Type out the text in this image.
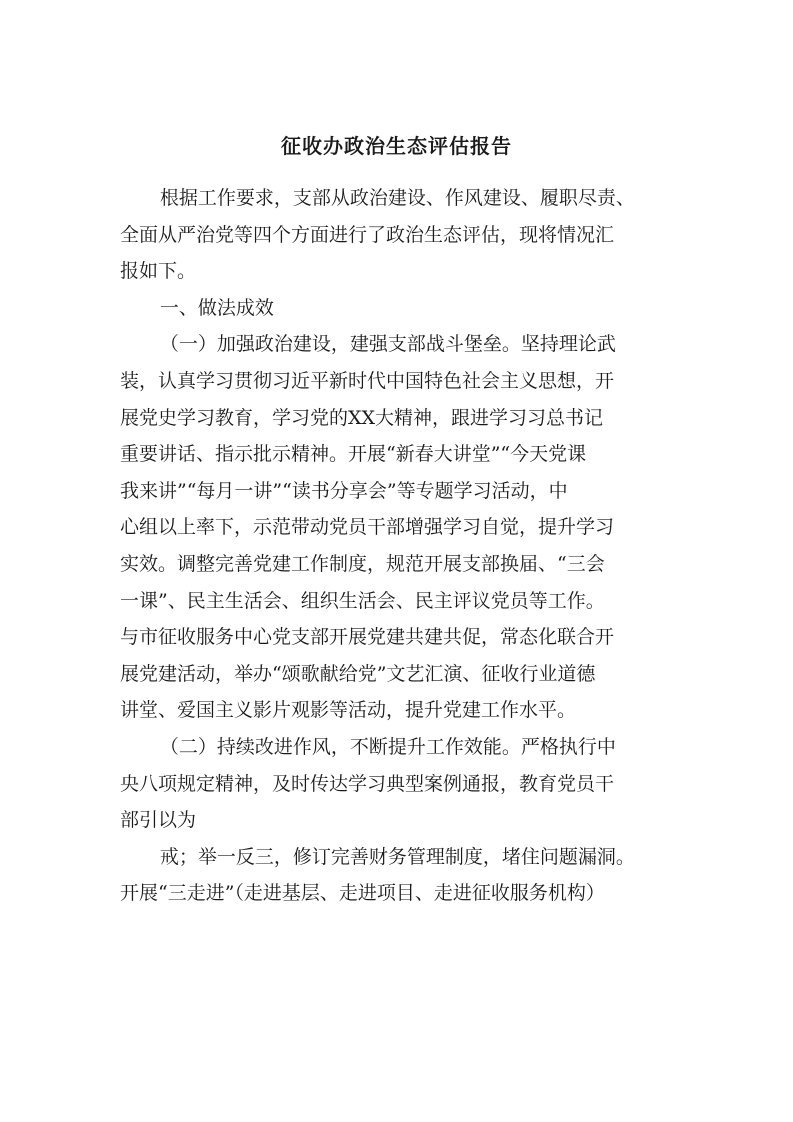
征收办政治生态评估报告

根据工作要求，支部从政治建设、作风建设、履职尽责、
全面从严治党等四个方面进行了政治生态评估，现将情况汇
报如下。

一、做法成效

（一）加强政治建设，建强支部战斗堡垒。坚持理论武
装，认真学习贯彻习近平新时代中国特色社会主义思想，开
展党史学习教育，学习党的XX大精神，跟进学习习总书记
重要讲话、指示批示精神。开展“新春大讲堂”“今天党课
我来讲”“每月一讲”“读书分享会”等专题学习活动，中
心组以上率下，示范带动党员干部增强学习自觉，提升学习
实效。调整完善党建工作制度，规范开展支部换届、“三会
一课”、民主生活会、组织生活会、民主评议党员等工作。
与市征收服务中心党支部开展党建共建共促，常态化联合开
展党建活动，举办“颂歌献给党”文艺汇演、征收行业道德
讲堂、爱国主义影片观影等活动，提升党建工作水平。

（二）持续改进作风，不断提升工作效能。严格执行中
央八项规定精神，及时传达学习典型案例通报，教育党员干
部引以为

戒；举一反三，修订完善财务管理制度，堵住问题漏洞。
开展“三走进”（走进基层、走进项目、走进征收服务机构）
